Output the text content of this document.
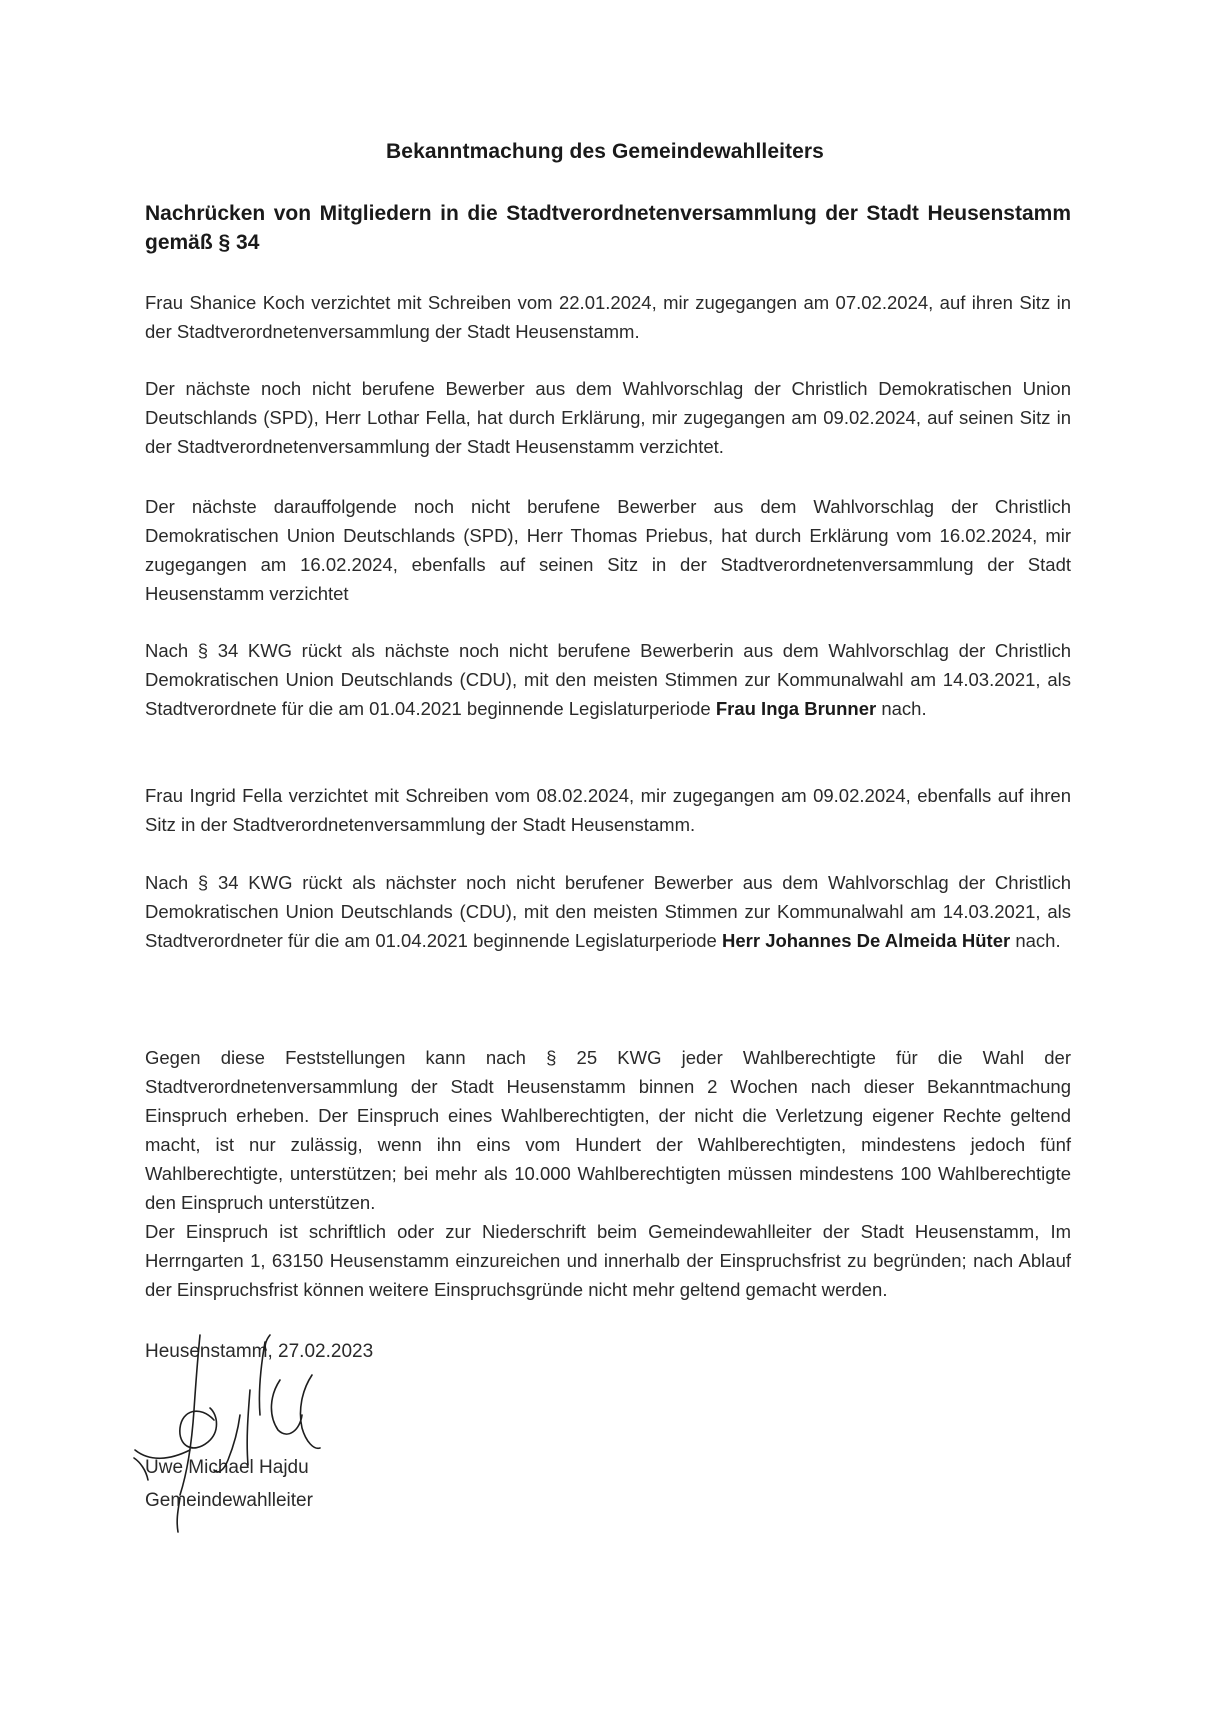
Bekanntmachung des Gemeindewahlleiters
Nachrücken von Mitgliedern in die Stadtverordnetenversammlung der Stadt Heusenstamm gemäß § 34

Frau Shanice Koch verzichtet mit Schreiben vom 22.01.2024, mir zugegangen am 07.02.2024, auf ihren Sitz in der Stadtverordnetenversammlung der Stadt Heusenstamm.

Der nächste noch nicht berufene Bewerber aus dem Wahlvorschlag der Christlich Demokratischen Union Deutschlands (SPD), Herr Lothar Fella, hat durch Erklärung, mir zugegangen am 09.02.2024, auf seinen Sitz in der Stadtverordnetenversammlung der Stadt Heusenstamm verzichtet.

Der nächste darauffolgende noch nicht berufene Bewerber aus dem Wahlvorschlag der Christlich Demokratischen Union Deutschlands (SPD), Herr Thomas Priebus, hat durch Erklärung vom 16.02.2024, mir zugegangen am 16.02.2024, ebenfalls auf seinen Sitz in der Stadtverordnetenversammlung der Stadt Heusenstamm verzichtet

Nach § 34 KWG rückt als nächste noch nicht berufene Bewerberin aus dem Wahlvorschlag der Christlich Demokratischen Union Deutschlands (CDU), mit den meisten Stimmen zur Kommunalwahl am 14.03.2021, als Stadtverordnete für die am 01.04.2021 beginnende Legislaturperiode Frau Inga Brunner nach.

Frau Ingrid Fella verzichtet mit Schreiben vom 08.02.2024, mir zugegangen am 09.02.2024, ebenfalls auf ihren Sitz in der Stadtverordnetenversammlung der Stadt Heusenstamm.

Nach § 34 KWG rückt als nächster noch nicht berufener Bewerber aus dem Wahlvorschlag der Christlich Demokratischen Union Deutschlands (CDU), mit den meisten Stimmen zur Kommunalwahl am 14.03.2021, als Stadtverordneter für die am 01.04.2021 beginnende Legislaturperiode Herr Johannes De Almeida Hüter nach.

Gegen diese Feststellungen kann nach § 25 KWG jeder Wahlberechtigte für die Wahl der Stadtverordnetenversammlung der Stadt Heusenstamm binnen 2 Wochen nach dieser Bekanntmachung Einspruch erheben. Der Einspruch eines Wahlberechtigten, der nicht die Verletzung eigener Rechte geltend macht, ist nur zulässig, wenn ihn eins vom Hundert der Wahlberechtigten, mindestens jedoch fünf Wahlberechtigte, unterstützen; bei mehr als 10.000 Wahlberechtigten müssen mindestens 100 Wahlberechtigte den Einspruch unterstützen.

Der Einspruch ist schriftlich oder zur Niederschrift beim Gemeindewahlleiter der Stadt Heusenstamm, Im Herrngarten 1, 63150 Heusenstamm einzureichen und innerhalb der Einspruchsfrist zu begründen; nach Ablauf der Einspruchsfrist können weitere Einspruchsgründe nicht mehr geltend gemacht werden.

Heusenstamm, 27.02.2023
Uwe Michael Hajdu
Gemeindewahlleiter
